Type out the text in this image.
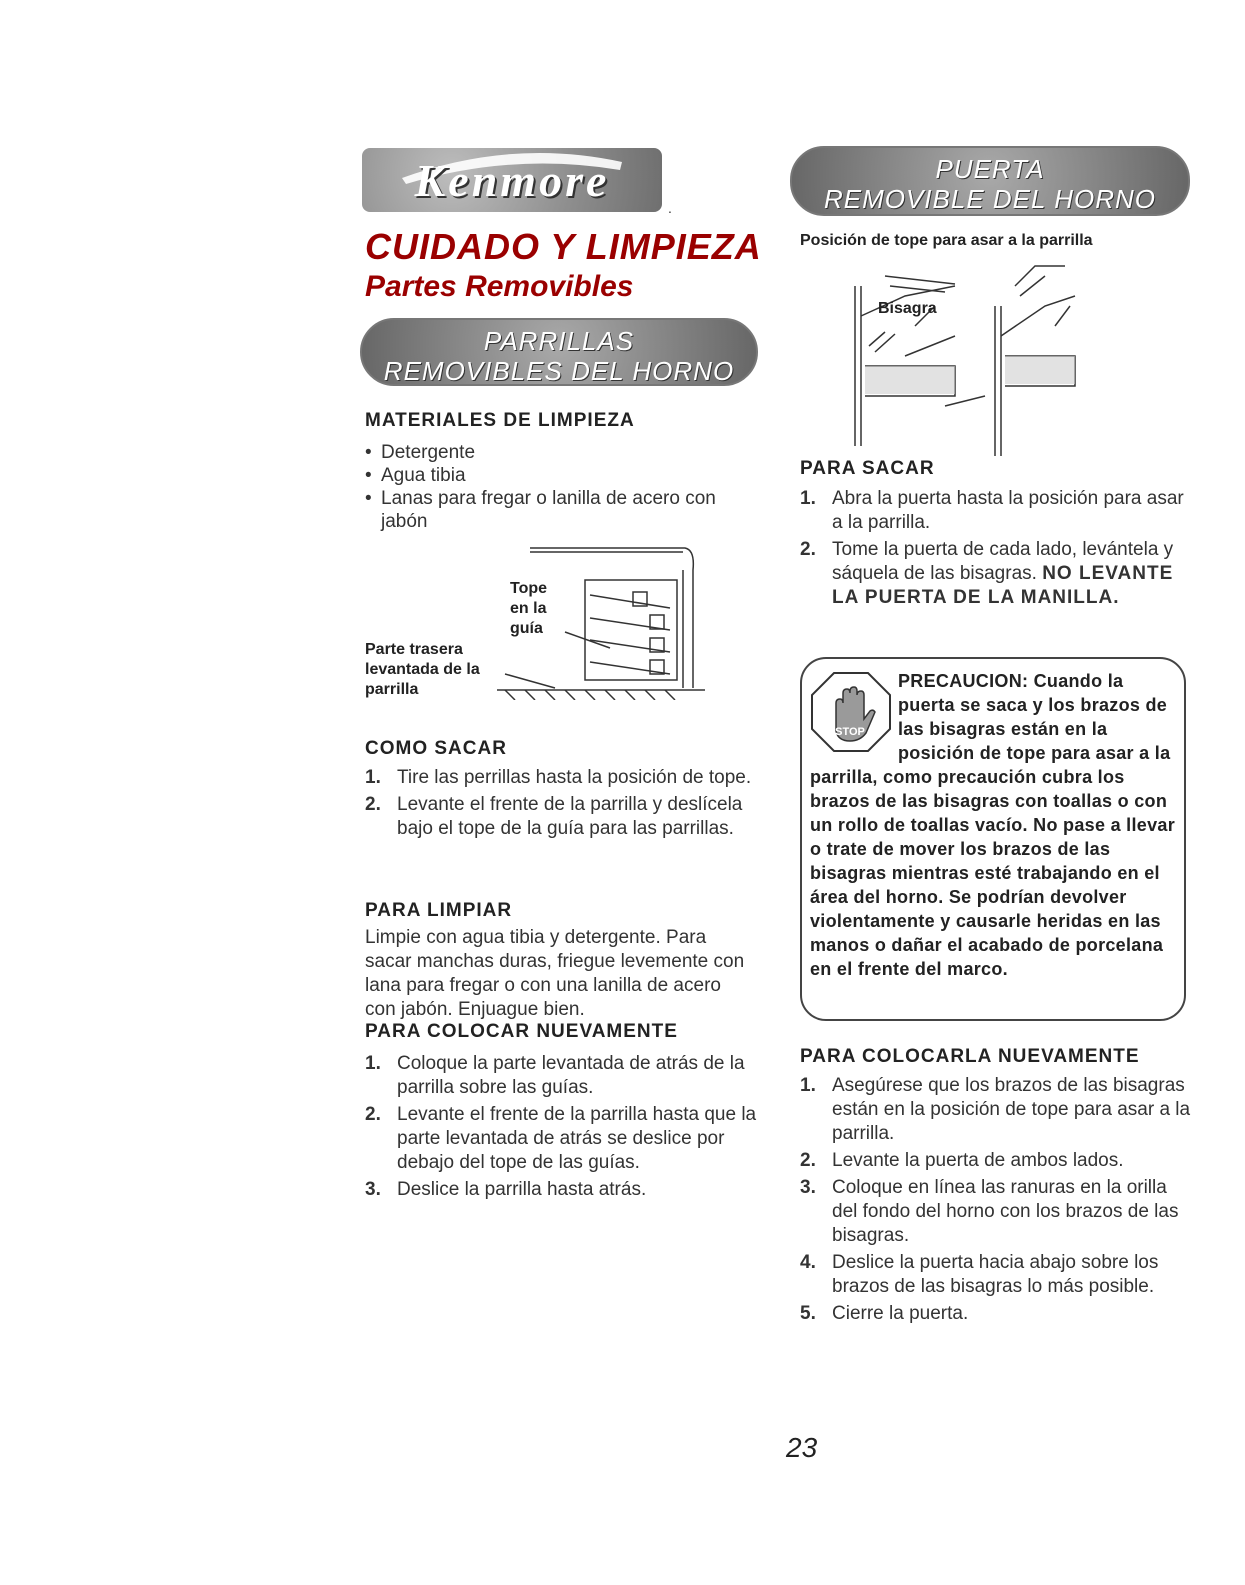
Kenmore
.
CUIDADO Y LIMPIEZA
Partes Removibles
PARRILLAS
REMOVIBLES DEL HORNO
MATERIALES DE LIMPIEZA
• Detergente
• Agua tibia
• Lanas para fregar o lanilla de acero con jabón
Tope
en la
guía
Parte trasera
levantada de la
parrilla
COMO SACAR
1. Tire las perrillas hasta la posición de tope.
2. Levante el frente de la parrilla y deslícela bajo el tope de la guía para las parrillas.
PARA LIMPIAR
Limpie con agua tibia y detergente. Para sacar manchas duras, friegue levemente con lana para fregar o con una lanilla de acero con jabón. Enjuague bien.
PARA COLOCAR NUEVAMENTE
1. Coloque la parte levantada de atrás de la parrilla sobre las guías.
2. Levante el frente de la parrilla hasta que la parte levantada de atrás se deslice por debajo del tope de las guías.
3. Deslice la parrilla hasta atrás.
PUERTA
REMOVIBLE DEL HORNO
Posición de tope para asar a la parrilla
Bisagra
PARA SACAR
1. Abra la puerta hasta la posición para asar a la parrilla.
2. Tome la puerta de cada lado, levántela y sáquela de las bisagras. NO LEVANTE LA PUERTA DE LA MANILLA.
STOP
PRECAUCION: Cuando la puerta se saca y los brazos de las bisagras están en la posición de tope para asar a la parrilla, como precaución cubra los brazos de las bisagras con toallas o con un rollo de toallas vacío. No pase a llevar o trate de mover los brazos de las bisagras mientras esté trabajando en el área del horno. Se podrían devolver violentamente y causarle heridas en las manos o dañar el acabado de porcelana en el frente del marco.
PARA COLOCARLA NUEVAMENTE
1. Asegúrese que los brazos de las bisagras están en la posición de tope para asar a la parrilla.
2. Levante la puerta de ambos lados.
3. Coloque en línea las ranuras en la orilla del fondo del horno con los brazos de las bisagras.
4. Deslice la puerta hacia abajo sobre los brazos de las bisagras lo más posible.
5. Cierre la puerta.
23
